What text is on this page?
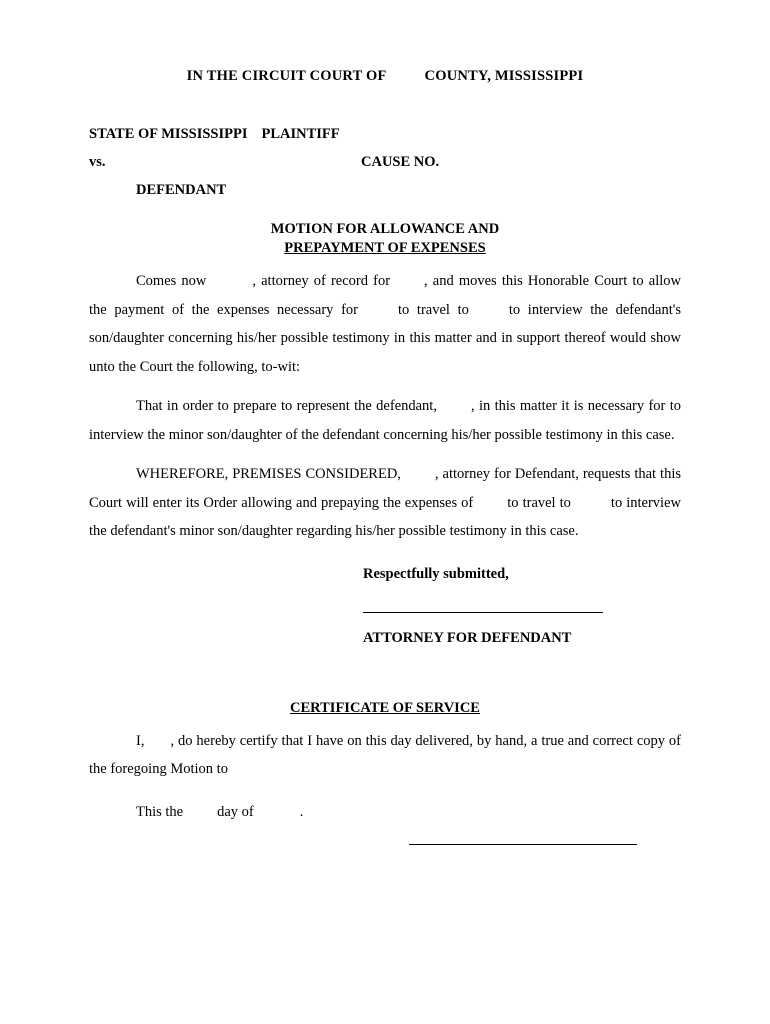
IN THE CIRCUIT COURT OF	COUNTY, MISSISSIPPI
STATE OF MISSISSIPPI PLAINTIFF
vs.	CAUSE NO.
DEFENDANT
MOTION FOR ALLOWANCE AND
PREPAYMENT OF EXPENSES

Comes now	, attorney of record for , and moves this Honorable Court to allow the payment of the expenses necessary for	to travel to	to interview the defendant's son/daughter concerning his/her possible testimony in this matter and in support thereof would show unto the Court the following, to-wit:

That in order to prepare to represent the defendant, , in this matter it is necessary for to interview the minor son/daughter of the defendant concerning his/her possible testimony in this case.

WHEREFORE, PREMISES CONSIDERED, , attorney for Defendant, requests that this Court will enter its Order allowing and prepaying the expenses of to travel to	to interview the defendant's minor son/daughter regarding his/her possible testimony in this case.

Respectfully submitted,
ATTORNEY FOR DEFENDANT
CERTIFICATE OF SERVICE

I, , do hereby certify that I have on this day delivered, by hand, a true and correct copy of the foregoing Motion to

This the day of	.
